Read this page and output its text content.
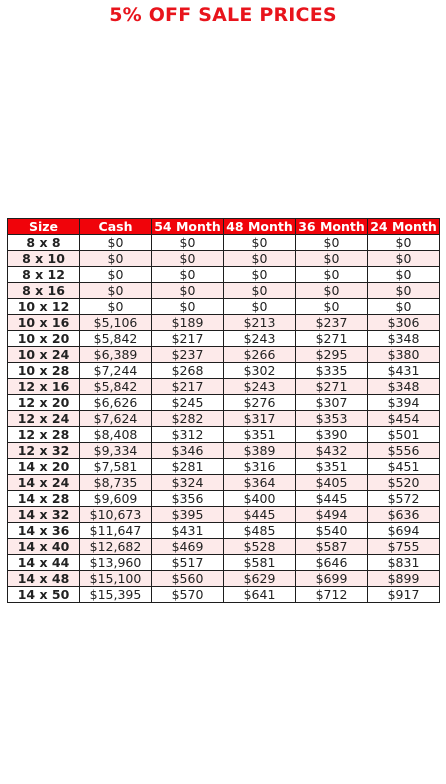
5% OFF SALE PRICES
Size	Cash	54 Month	48 Month	36 Month	24 Month
8 x 8	$0	$0	$0	$0	$0
8 x 10	$0	$0	$0	$0	$0
8 x 12	$0	$0	$0	$0	$0
8 x 16	$0	$0	$0	$0	$0
10 x 12	$0	$0	$0	$0	$0
10 x 16	$5,106	$189	$213	$237	$306
10 x 20	$5,842	$217	$243	$271	$348
10 x 24	$6,389	$237	$266	$295	$380
10 x 28	$7,244	$268	$302	$335	$431
12 x 16	$5,842	$217	$243	$271	$348
12 x 20	$6,626	$245	$276	$307	$394
12 x 24	$7,624	$282	$317	$353	$454
12 x 28	$8,408	$312	$351	$390	$501
12 x 32	$9,334	$346	$389	$432	$556
14 x 20	$7,581	$281	$316	$351	$451
14 x 24	$8,735	$324	$364	$405	$520
14 x 28	$9,609	$356	$400	$445	$572
14 x 32	$10,673	$395	$445	$494	$636
14 x 36	$11,647	$431	$485	$540	$694
14 x 40	$12,682	$469	$528	$587	$755
14 x 44	$13,960	$517	$581	$646	$831
14 x 48	$15,100	$560	$629	$699	$899
14 x 50	$15,395	$570	$641	$712	$917
